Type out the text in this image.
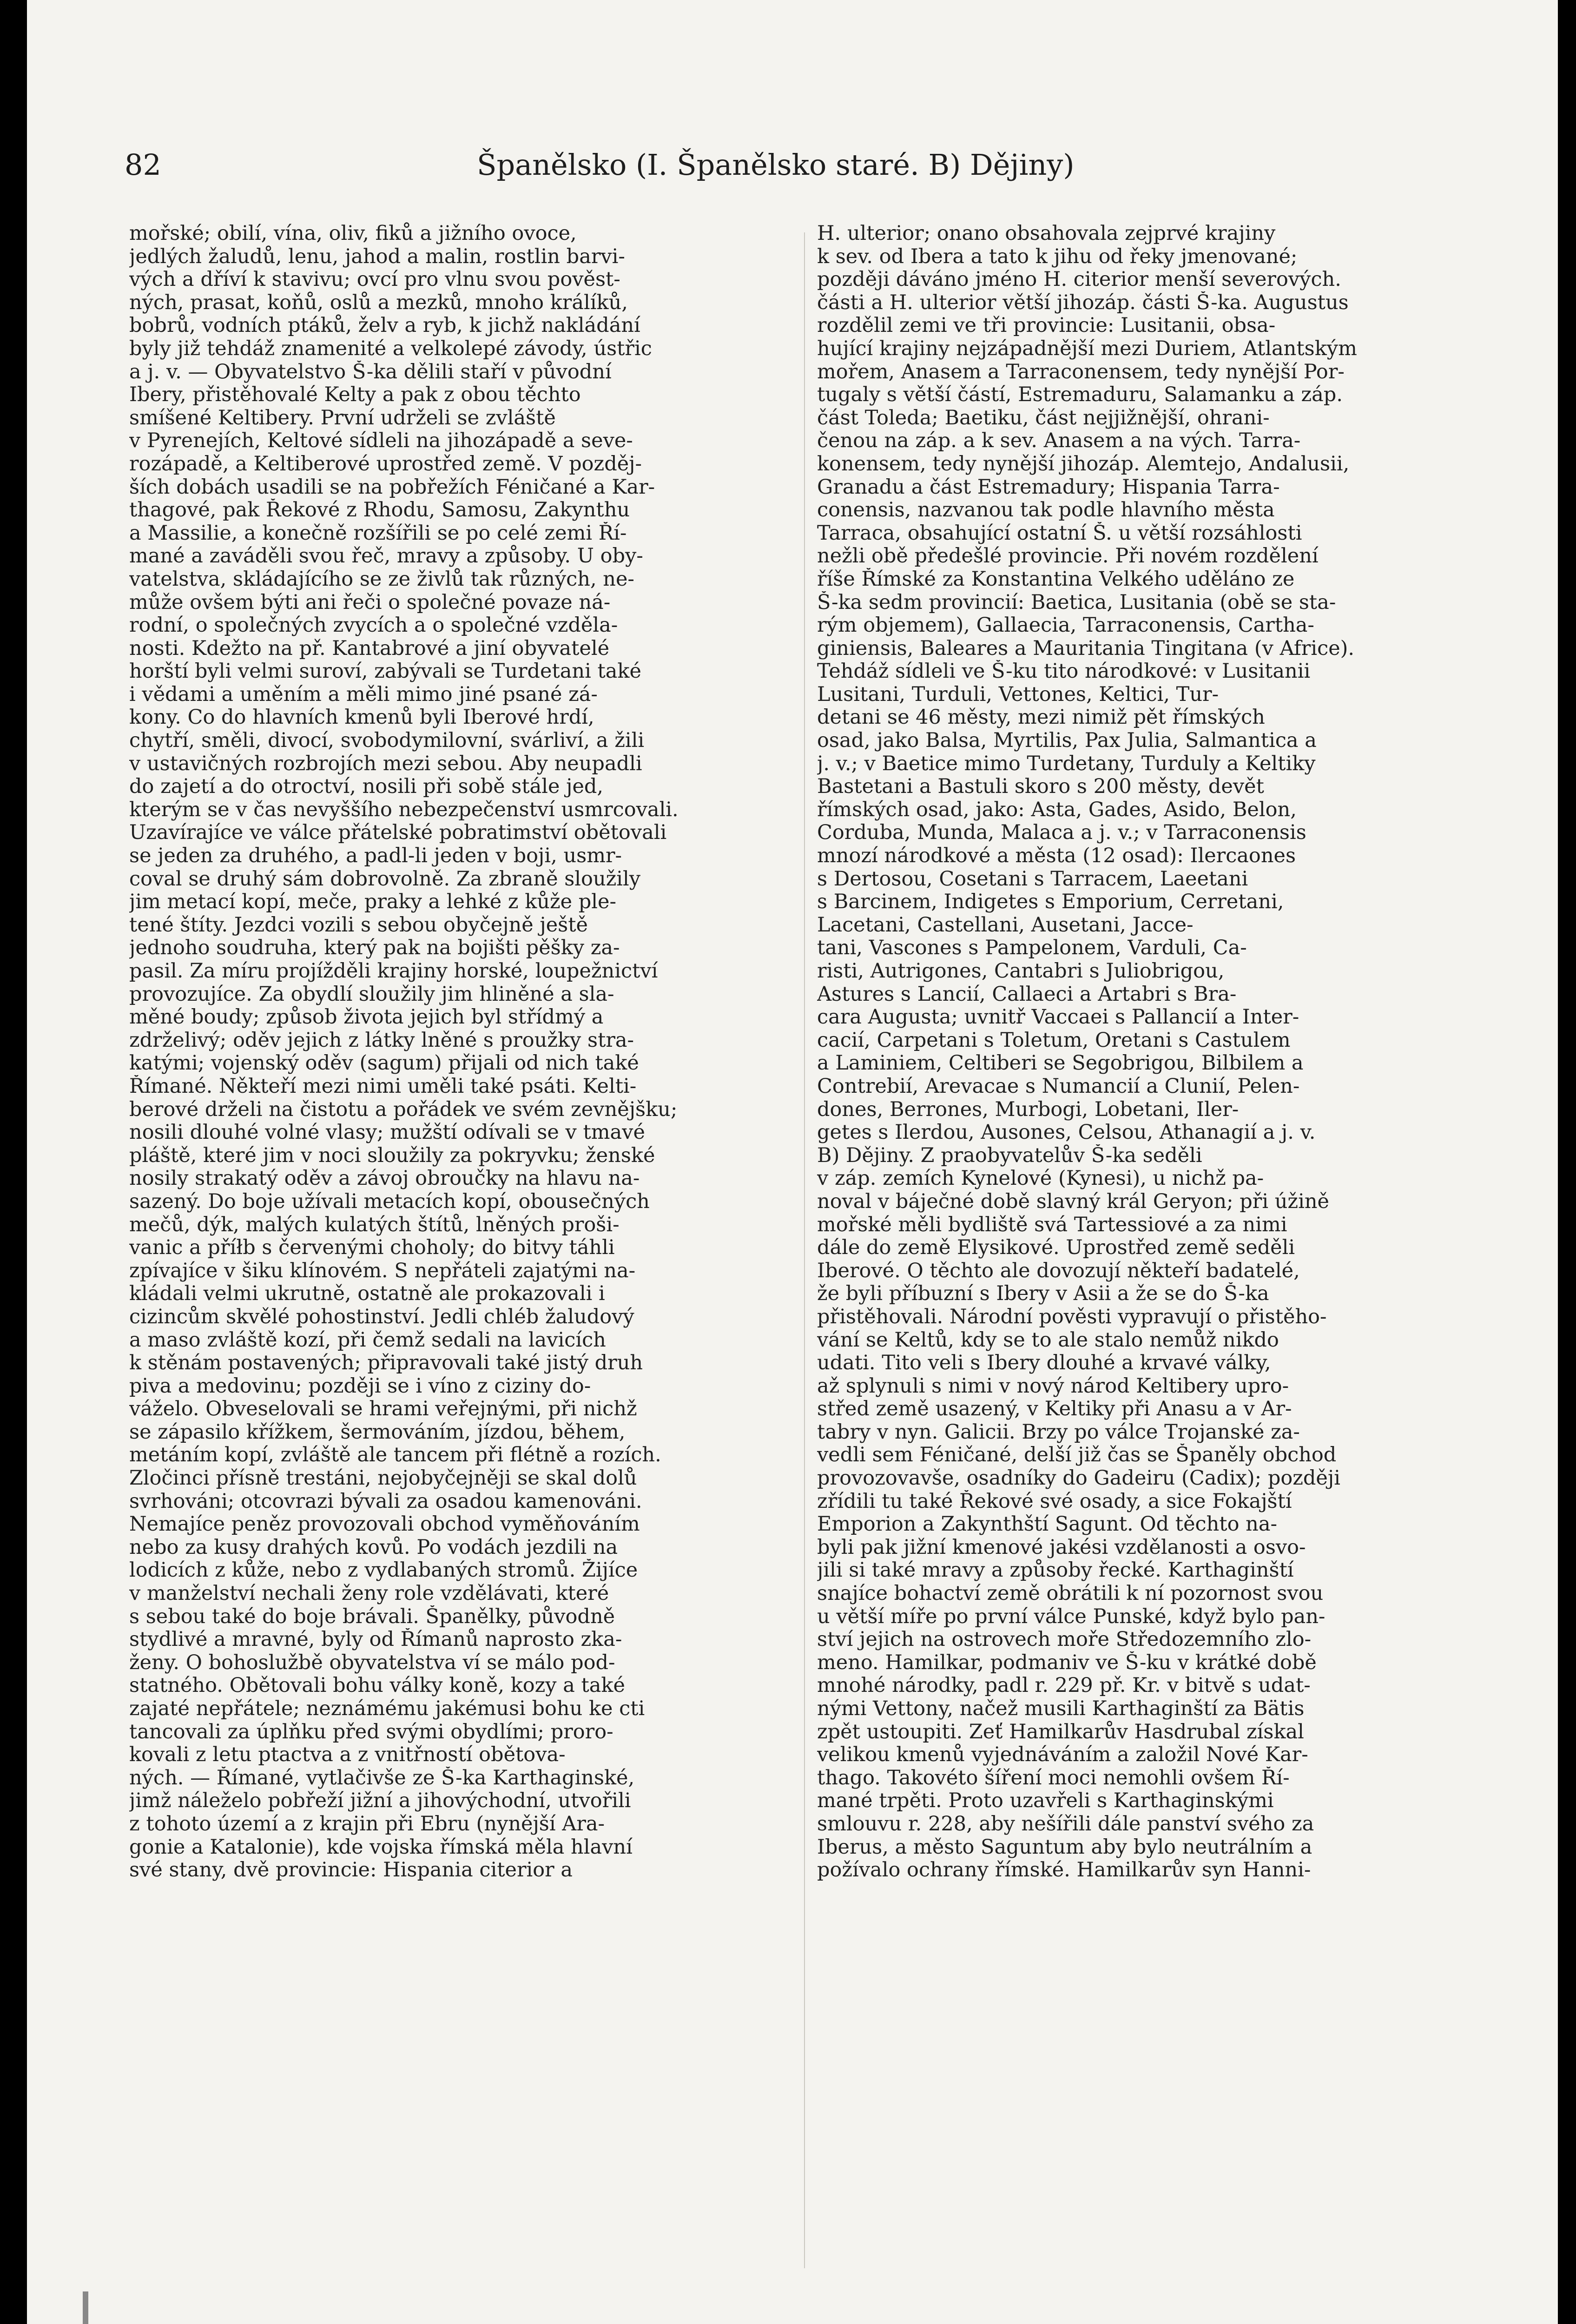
82	Španělsko (I. Španělsko staré. B) Dějiny)
mořské; obilí, vína, oliv, fiků a jižního ovoce,
jedlých žaludů, lenu, jahod a malin, rostlin barvi-
vých a dříví k stavivu; ovcí pro vlnu svou pověst-
ných, prasat, koňů, oslů a mezků, mnoho králíků,
bobrů, vodních ptáků, želv a ryb, k jichž nakládání
byly již tehdáž znamenité a velkolepé závody, ústřic
a j. v. — Obyvatelstvo Š-ka dělili staří v původní
Ibery, přistěhovalé Kelty a pak z obou těchto
smíšené Keltibery. První udrželi se zvláště
v Pyrenejích, Keltové sídleli na jihozápadě a seve-
rozápadě, a Keltiberové uprostřed země. V pozděj-
ších dobách usadili se na pobřežích Féničané a Kar-
thagové, pak Řekové z Rhodu, Samosu, Zakynthu
a Massilie, a konečně rozšířili se po celé zemi Ří-
mané a zaváděli svou řeč, mravy a způsoby. U oby-
vatelstva, skládajícího se ze živlů tak různých, ne-
může ovšem býti ani řeči o společné povaze ná-
rodní, o společných zvycích a o společné vzděla-
nosti. Kdežto na př. Kantabrové a jiní obyvatelé
horští byli velmi suroví, zabývali se Turdetani také
i vědami a uměním a měli mimo jiné psané zá-
kony. Co do hlavních kmenů byli Iberové hrdí,
chytří, směli, divocí, svobodymilovní, svárliví, a žili
v ustavičných rozbrojích mezi sebou. Aby neupadli
do zajetí a do otroctví, nosili při sobě stále jed,
kterým se v čas nevyššího nebezpečenství usmrcovali.
Uzavírajíce ve válce přátelské pobratimství obětovali
se jeden za druhého, a padl-li jeden v boji, usmr-
coval se druhý sám dobrovolně. Za zbraně sloužily
jim metací kopí, meče, praky a lehké z kůže ple-
tené štíty. Jezdci vozili s sebou obyčejně ještě
jednoho soudruha, který pak na bojišti pěšky za-
pasil. Za míru projížděli krajiny horské, loupežnictví
provozujíce. Za obydlí sloužily jim hliněné a sla-
měné boudy; způsob života jejich byl střídmý a
zdrželivý; oděv jejich z látky lněné s proužky stra-
katými; vojenský oděv (sagum) přijali od nich také
Římané. Někteří mezi nimi uměli také psáti. Kelti-
berové drželi na čistotu a pořádek ve svém zevnějšku;
nosili dlouhé volné vlasy; mužští odívali se v tmavé
pláště, které jim v noci sloužily za pokryvku; ženské
nosily strakatý oděv a závoj obroučky na hlavu na-
sazený. Do boje užívali metacích kopí, obousečných
mečů, dýk, malých kulatých štítů, lněných proši-
vanic a příłb s červenými choholy; do bitvy táhli
zpívajíce v šiku klínovém. S nepřáteli zajatými na-
kládali velmi ukrutně, ostatně ale prokazovali i
cizincům skvělé pohostinství. Jedli chléb žaludový
a maso zvláště kozí, při čemž sedali na lavicích
k stěnám postavených; připravovali také jistý druh
piva a medovinu; později se i víno z ciziny do-
váželo. Obveselovali se hrami veřejnými, při nichž
se zápasilo křížkem, šermováním, jízdou, během,
metáním kopí, zvláště ale tancem při flétně a rozích.
Zločinci přísně trestáni, nejobyčejněji se skal dolů
svrhováni; otcovrazi bývali za osadou kamenováni.
Nemajíce peněz provozovali obchod vyměňováním
nebo za kusy drahých kovů. Po vodách jezdili na
lodicích z kůže, nebo z vydlabaných stromů. Žijíce
v manželství nechali ženy role vzdělávati, které
s sebou také do boje brávali. Španělky, původně
stydlivé a mravné, byly od Římanů naprosto zka-
ženy. O bohoslužbě obyvatelstva ví se málo pod-
statného. Obětovali bohu války koně, kozy a také
zajaté nepřátele; neznámému jakémusi bohu ke cti
tancovali za úplňku před svými obydlími; proro-
kovali z letu ptactva a z vnitřností obětova-
ných. — Římané, vytlačivše ze Š-ka Karthaginské,
jimž náleželo pobřeží jižní a jihovýchodní, utvořili
z tohoto území a z krajin při Ebru (nynější Ara-
gonie a Katalonie), kde vojska římská měla hlavní
své stany, dvě provincie: Hispania citerior a
H. ulterior; onano obsahovala zejprvé krajiny
k sev. od Ibera a tato k jihu od řeky jmenované;
později dáváno jméno H. citerior menší severových.
části a H. ulterior větší jihozáp. části Š-ka. Augustus
rozdělil zemi ve tři provincie: Lusitanii, obsa-
hující krajiny nejzápadnější mezi Duriem, Atlantským
mořem, Anasem a Tarraconensem, tedy nynější Por-
tugaly s větší částí, Estremaduru, Salamanku a záp.
část Toleda; Baetiku, část nejjižnější, ohrani-
čenou na záp. a k sev. Anasem a na vých. Tarra-
konensem, tedy nynější jihozáp. Alemtejo, Andalusii,
Granadu a část Estremadury; Hispania Tarra-
conensis, nazvanou tak podle hlavního města
Tarraca, obsahující ostatní Š. u větší rozsáhlosti
nežli obě předešlé provincie. Při novém rozdělení
říše Římské za Konstantina Velkého uděláno ze
Š-ka sedm provincií: Baetica, Lusitania (obě se sta-
rým objemem), Gallaecia, Tarraconensis, Cartha-
giniensis, Baleares a Mauritania Tingitana (v Africe).
Tehdáž sídleli ve Š-ku tito národkové: v Lusitanii
Lusitani, Turduli, Vettones, Keltici, Tur-
detani se 46 městy, mezi nimiž pět římských
osad, jako Balsa, Myrtilis, Pax Julia, Salmantica a
j. v.; v Baetice mimo Turdetany, Turduly a Keltiky
Bastetani a Bastuli skoro s 200 městy, devět
římských osad, jako: Asta, Gades, Asido, Belon,
Corduba, Munda, Malaca a j. v.; v Tarraconensis
mnozí národkové a města (12 osad): Ilercaones
s Dertosou, Cosetani s Tarracem, Laeetani
s Barcinem, Indigetes s Emporium, Cerretani,
Lacetani, Castellani, Ausetani, Jacce-
tani, Vascones s Pampelonem, Varduli, Ca-
risti, Autrigones, Cantabri s Juliobrigou,
Astures s Lancií, Callaeci a Artabri s Bra-
cara Augusta; uvnitř Vaccaei s Pallancií a Inter-
cacií, Carpetani s Toletum, Oretani s Castulem
a Laminiem, Celtiberi se Segobrigou, Bilbilem a
Contrebií, Arevacae s Numancií a Clunií, Pelen-
dones, Berrones, Murbogi, Lobetani, Iler-
getes s Ilerdou, Ausones, Celsou, Athanagií a j. v.
B) Dějiny. Z praobyvatelův Š-ka seděli
v záp. zemích Kynelové (Kynesi), u nichž pa-
noval v báječné době slavný král Geryon; při úžině
mořské měli bydliště svá Tartessiové a za nimi
dále do země Elysikové. Uprostřed země seděli
Iberové. O těchto ale dovozují někteří badatelé,
že byli příbuzní s Ibery v Asii a že se do Š-ka
přistěhovali. Národní pověsti vypravují o přistěho-
vání se Keltů, kdy se to ale stalo nemůž nikdo
udati. Tito veli s Ibery dlouhé a krvavé války,
až splynuli s nimi v nový národ Keltibery upro-
střed země usazený, v Keltiky při Anasu a v Ar-
tabry v nyn. Galicii. Brzy po válce Trojanské za-
vedli sem Féničané, delší již čas se Španěly obchod
provozovavše, osadníky do Gadeiru (Cadix); později
zřídili tu také Řekové své osady, a sice Fokajští
Emporion a Zakynthští Sagunt. Od těchto na-
byli pak jižní kmenové jakési vzdělanosti a osvo-
jili si také mravy a způsoby řecké. Karthaginští
snajíce bohactví země obrátili k ní pozornost svou
u větší míře po první válce Punské, když bylo pan-
ství jejich na ostrovech moře Středozemního zlo-
meno. Hamilkar, podmaniv ve Š-ku v krátké době
mnohé národky, padl r. 229 př. Kr. v bitvě s udat-
nými Vettony, načež musili Karthaginští za Bätis
zpět ustoupiti. Zeť Hamilkarův Hasdrubal získal
velikou kmenů vyjednáváním a založil Nové Kar-
thago. Takovéto šíření moci nemohli ovšem Ří-
mané trpěti. Proto uzavřeli s Karthaginskými
smlouvu r. 228, aby nešířili dále panství svého za
Iberus, a město Saguntum aby bylo neutrálním a
požívalo ochrany římské. Hamilkarův syn Hanni-
